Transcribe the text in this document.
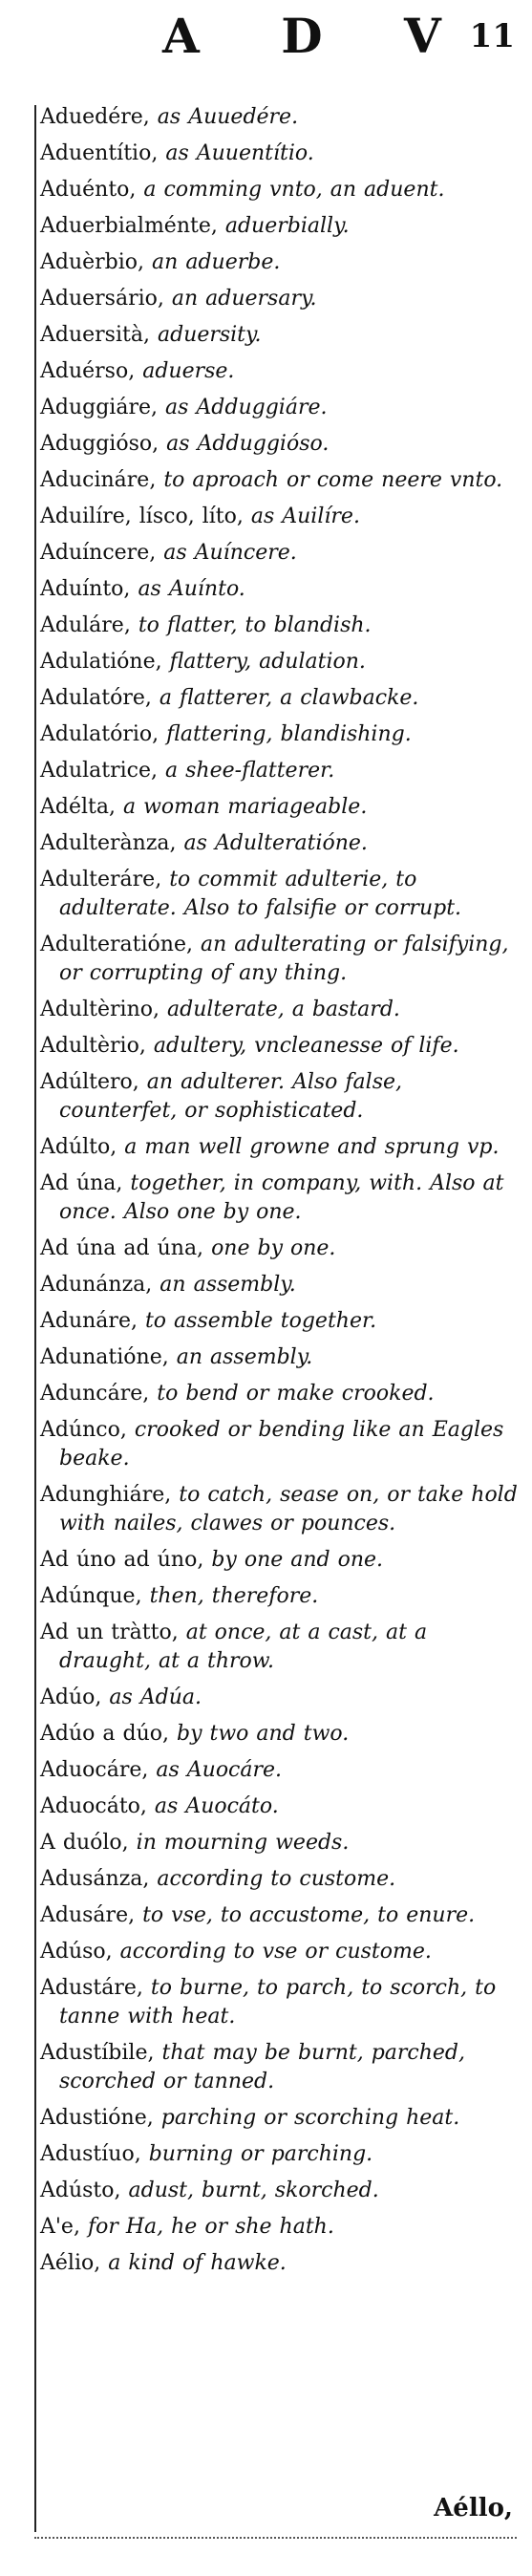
A D V
11
Aduedére, as Auuedére.
Aduentítio, as Auuentítio.
Aduénto, a comming vnto, an aduent.
Aduerbialménte, aduerbially.
Aduèrbio, an aduerbe.
Aduersário, an aduersary.
Aduersità, aduersity.
Aduérso, aduerse.
Aduggiáre, as Adduggiáre.
Aduggióso, as Adduggióso.
Aducináre, to aproach or come neere vnto.
Aduilíre, lísco, líto, as Auilíre.
Aduíncere, as Auíncere.
Aduínto, as Auínto.
Aduláre, to flatter, to blandish.
Adulatióne, flattery, adulation.
Adulatóre, a flatterer, a clawbacke.
Adulatório, flattering, blandishing.
Adulatrice, a shee-flatterer.
Adélta, a woman mariageable.
Adulterànza, as Adulteratióne.
Adulteráre, to commit adulterie, to adulterate. Also to falsifie or corrupt.
Adulteratióne, an adulterating or falsifying, or corrupting of any thing.
Adultèrino, adulterate, a bastard.
Adultèrio, adultery, vncleanesse of life.
Adúltero, an adulterer. Also false, counterfet, or sophisticated.
Adúlto, a man well growne and sprung vp.
Ad úna, together, in company, with. Also at once. Also one by one.
Ad úna ad úna, one by one.
Adunánza, an assembly.
Adunáre, to assemble together.
Adunatióne, an assembly.
Aduncáre, to bend or make crooked.
Adúnco, crooked or bending like an Eagles beake.
Adunghiáre, to catch, sease on, or take hold with nailes, clawes or pounces.
Ad úno ad úno, by one and one.
Adúnque, then, therefore.
Ad un tràtto, at once, at a cast, at a draught, at a throw.
Adúo, as Adúa.
Adúo a dúo, by two and two.
Aduocáre, as Auocáre.
Aduocáto, as Auocáto.
A duólo, in mourning weeds.
Adusánza, according to custome.
Adusáre, to vse, to accustome, to enure.
Adúso, according to vse or custome.
Adustáre, to burne, to parch, to scorch, to tanne with heat.
Adustíbile, that may be burnt, parched, scorched or tanned.
Adustióne, parching or scorching heat.
Adustíuo, burning or parching.
Adústo, adust, burnt, skorched.
A'e, for Ha, he or she hath.
Aélio, a kind of hawke.
Aéllo,
